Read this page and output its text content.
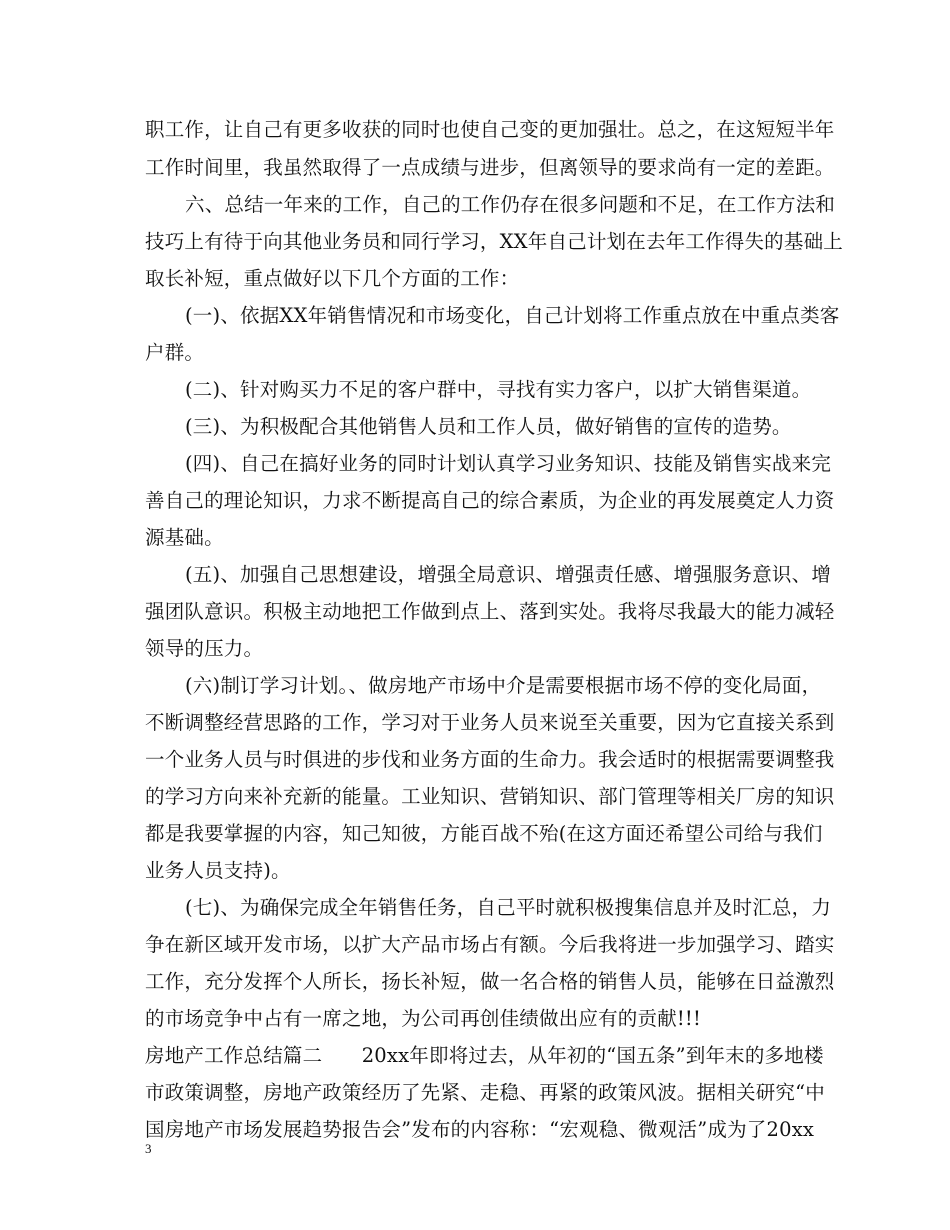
职工作，让自己有更多收获的同时也使自己变的更加强壮。总之，在这短短半年
工作时间里，我虽然取得了一点成绩与进步，但离领导的要求尚有一定的差距。
六、总结一年来的工作，自己的工作仍存在很多问题和不足，在工作方法和
技巧上有待于向其他业务员和同行学习，XX年自己计划在去年工作得失的基础上
取长补短，重点做好以下几个方面的工作：
(一)、依据XX年销售情况和市场变化，自己计划将工作重点放在中重点类客
户群。
(二)、针对购买力不足的客户群中，寻找有实力客户，以扩大销售渠道。
(三)、为积极配合其他销售人员和工作人员，做好销售的宣传的造势。
(四)、自己在搞好业务的同时计划认真学习业务知识、技能及销售实战来完
善自己的理论知识，力求不断提高自己的综合素质，为企业的再发展奠定人力资
源基础。
(五)、加强自己思想建设，增强全局意识、增强责任感、增强服务意识、增
强团队意识。积极主动地把工作做到点上、落到实处。我将尽我最大的能力减轻
领导的压力。
(六)制订学习计划。、做房地产市场中介是需要根据市场不停的变化局面，
不断调整经营思路的工作，学习对于业务人员来说至关重要，因为它直接关系到
一个业务人员与时俱进的步伐和业务方面的生命力。我会适时的根据需要调整我
的学习方向来补充新的能量。工业知识、营销知识、部门管理等相关厂房的知识
都是我要掌握的内容，知己知彼，方能百战不殆(在这方面还希望公司给与我们
业务人员支持)。
(七)、为确保完成全年销售任务，自己平时就积极搜集信息并及时汇总，力
争在新区域开发市场，以扩大产品市场占有额。今后我将进一步加强学习、踏实
工作，充分发挥个人所长，扬长补短，做一名合格的销售人员，能够在日益激烈
的市场竞争中占有一席之地，为公司再创佳绩做出应有的贡献!!!
房地产工作总结篇二　　20xx年即将过去，从年初的“国五条”到年末的多地楼
市政策调整，房地产政策经历了先紧、走稳、再紧的政策风波。据相关研究“中
国房地产市场发展趋势报告会”发布的内容称：“宏观稳、微观活”成为了20xx
3
